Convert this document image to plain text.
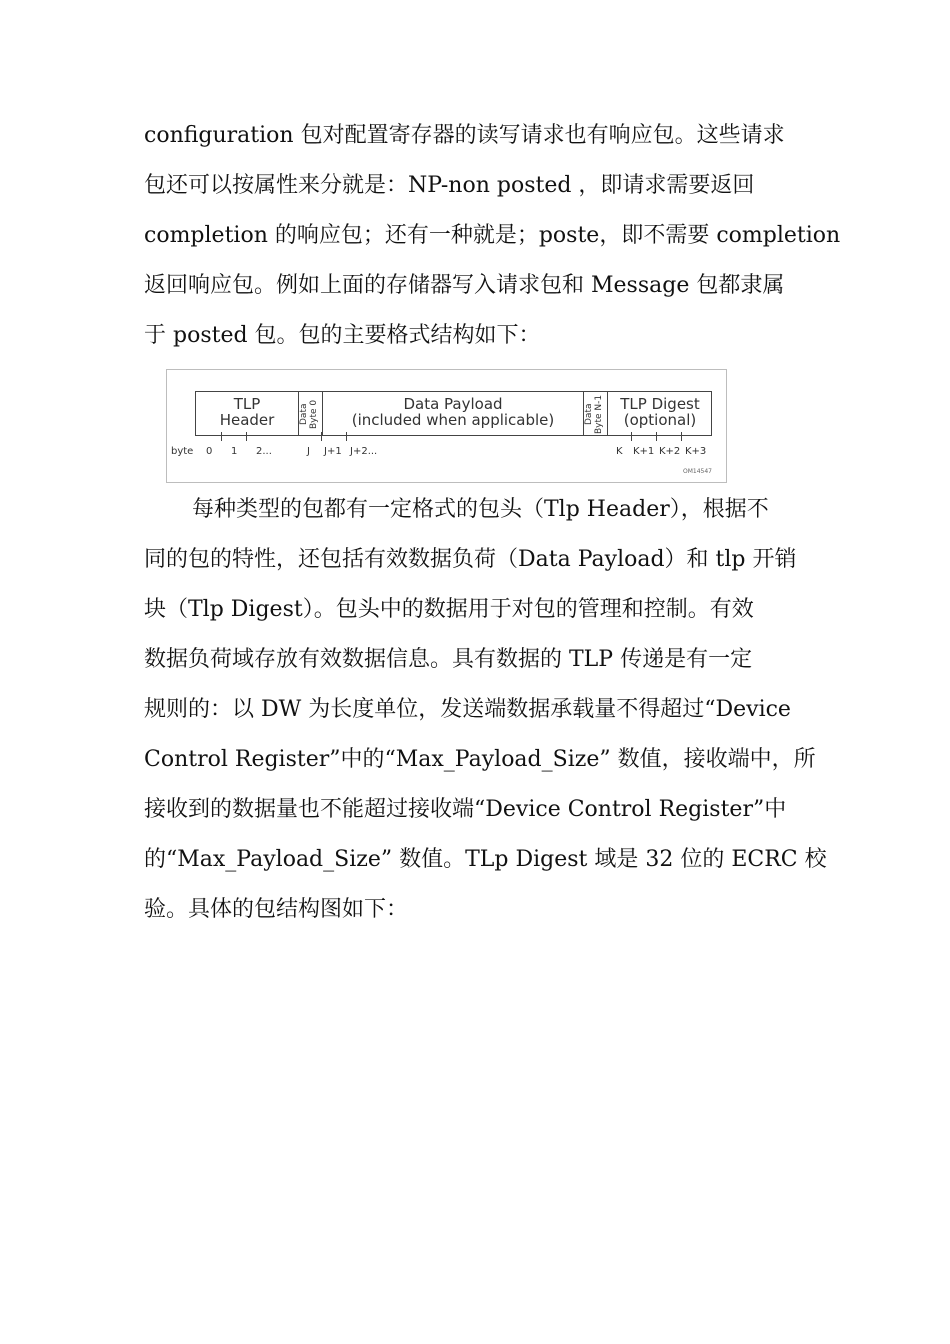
configuration 包对配置寄存器的读写请求也有响应包。这些请求
包还可以按属性来分就是：NP-non posted ，即请求需要返回
completion 的响应包；还有一种就是；poste，即不需要 completion
返回响应包。例如上面的存储器写入请求包和 Message 包都隶属
于 posted 包。包的主要格式结构如下：

TLP
Header	Data Byte 0	Data Payload
(included when applicable)	Data Byte N-1	TLP Digest
(optional)
byte 0 1 2...	J J+1 J+2...	K K+1 K+2 K+3
OM14547

每种类型的包都有一定格式的包头（Tlp Header），根据不
同的包的特性，还包括有效数据负荷（Data Payload）和 tlp 开销
块（Tlp Digest）。包头中的数据用于对包的管理和控制。有效
数据负荷域存放有效数据信息。具有数据的 TLP 传递是有一定
规则的：以 DW 为长度单位，发送端数据承载量不得超过“Device
Control Register”中的“Max_Payload_Size” 数值，接收端中，所
接收到的数据量也不能超过接收端“Device Control Register”中
的“Max_Payload_Size” 数值。TLp Digest 域是 32 位的 ECRC 校
验。具体的包结构图如下：
